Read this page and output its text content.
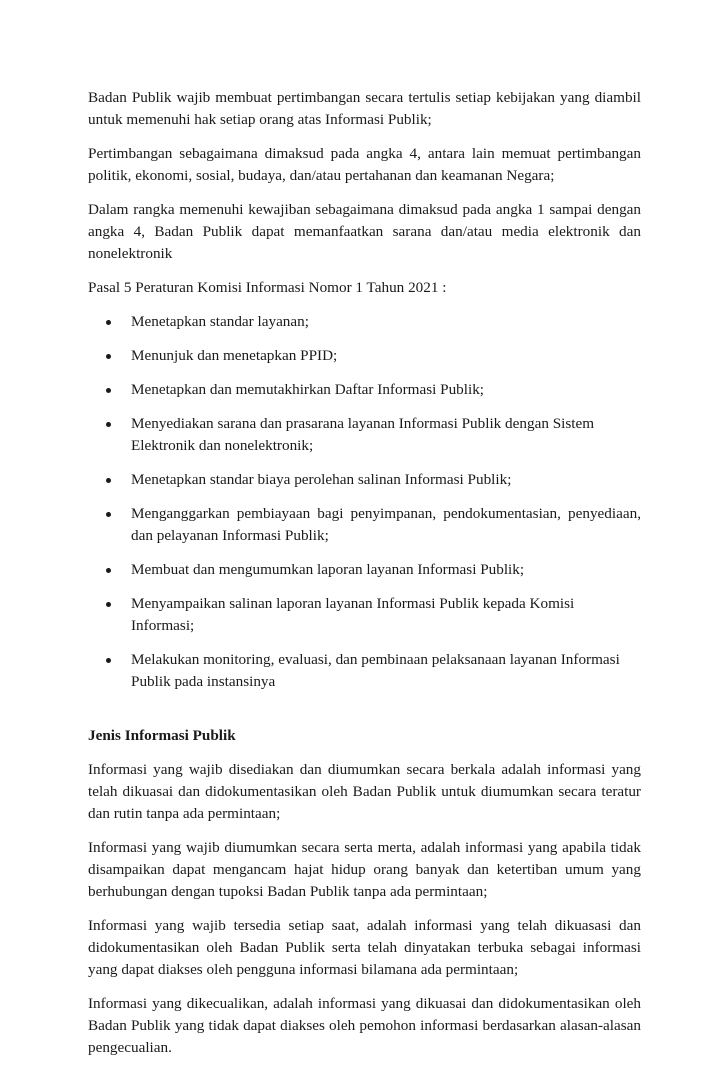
Badan Publik wajib membuat pertimbangan secara tertulis setiap kebijakan yang diambil untuk memenuhi hak setiap orang atas Informasi Publik;

Pertimbangan sebagaimana dimaksud pada angka 4, antara lain memuat pertimbangan politik, ekonomi, sosial, budaya, dan/atau pertahanan dan keamanan Negara;

Dalam rangka memenuhi kewajiban sebagaimana dimaksud pada angka 1 sampai dengan angka 4, Badan Publik dapat memanfaatkan sarana dan/atau media elektronik dan nonelektronik

Pasal 5 Peraturan Komisi Informasi Nomor 1 Tahun 2021 :

Menetapkan standar layanan;
Menunjuk dan menetapkan PPID;
Menetapkan dan memutakhirkan Daftar Informasi Publik;
Menyediakan sarana dan prasarana layanan Informasi Publik dengan Sistem Elektronik dan nonelektronik;
Menetapkan standar biaya perolehan salinan Informasi Publik;
Menganggarkan pembiayaan bagi penyimpanan, pendokumentasian, penyediaan, dan pelayanan Informasi Publik;
Membuat dan mengumumkan laporan layanan Informasi Publik;
Menyampaikan salinan laporan layanan Informasi Publik kepada Komisi Informasi;
Melakukan monitoring, evaluasi, dan pembinaan pelaksanaan layanan Informasi Publik pada instansinya

Jenis Informasi Publik

Informasi yang wajib disediakan dan diumumkan secara berkala adalah informasi yang telah dikuasai dan didokumentasikan oleh Badan Publik untuk diumumkan secara teratur dan rutin tanpa ada permintaan;

Informasi yang wajib diumumkan secara serta merta, adalah informasi yang apabila tidak disampaikan dapat mengancam hajat hidup orang banyak dan ketertiban umum yang berhubungan dengan tupoksi Badan Publik tanpa ada permintaan;

Informasi yang wajib tersedia setiap saat, adalah informasi yang telah dikuasasi dan didokumentasikan oleh Badan Publik serta telah dinyatakan terbuka sebagai informasi yang dapat diakses oleh pengguna informasi bilamana ada permintaan;

Informasi yang dikecualikan, adalah informasi yang dikuasai dan didokumentasikan oleh Badan Publik yang tidak dapat diakses oleh pemohon informasi berdasarkan alasan-alasan pengecualian.
